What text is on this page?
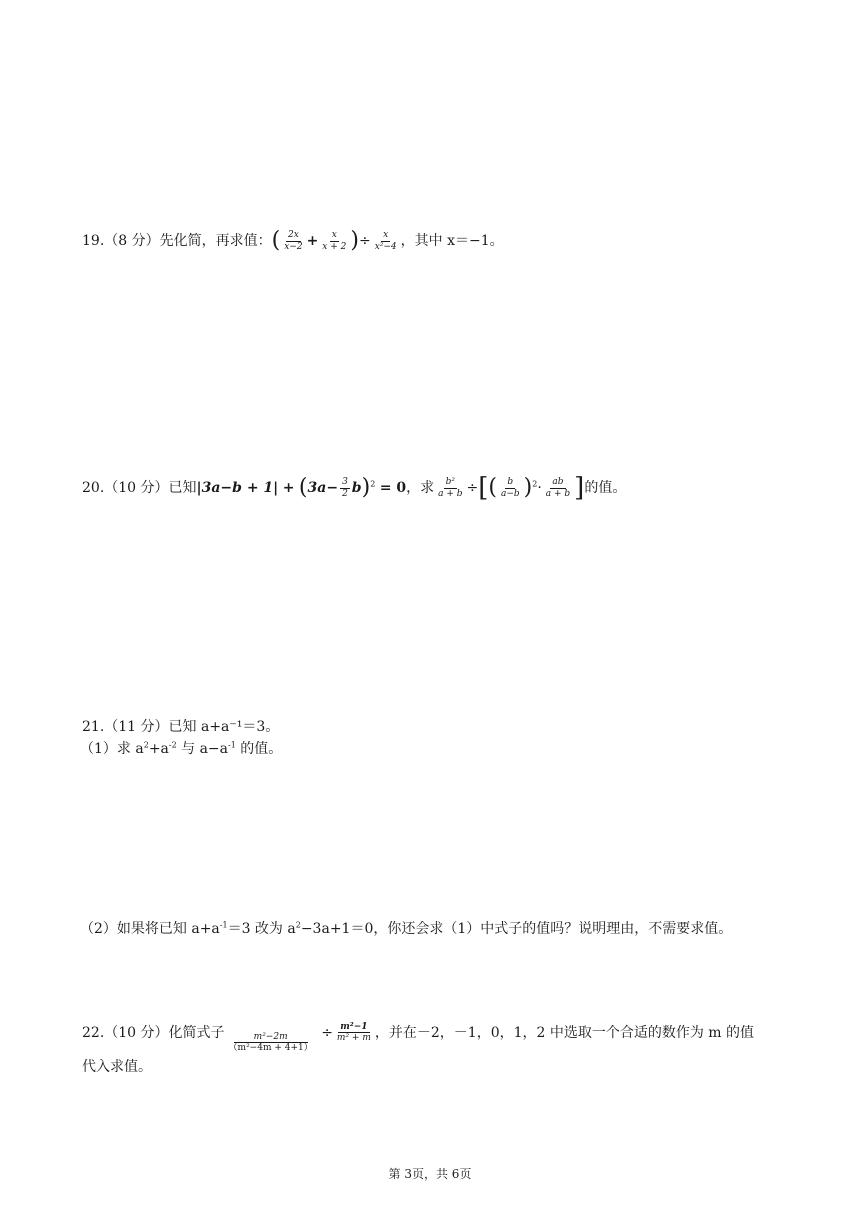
19.（8 分）先化简，再求值：( $\frac{2x}{x-2} + \frac{x}{x + 2}$ )÷ $\frac{x}{\text{x²−4}}$ ，其中 x＝−1。
20.（10 分）已知$|3a-b + 1| + (3a- \frac{3}{2} b)^2 = 0$，求 $\frac{\text{b²}}{a + b}$ ÷[( $\frac{b}{a-b} )^2\cdot \frac{ab}{a + b}$ ]的值。
21.（11 分）已知 a+a⁻¹＝3。
（1）求 $a^2+a^{-2}$ 与 $a-a^{-1}$ 的值。
（2）如果将已知 $a+a^{-1}=3$ 改为 $a^2-3a+1=0$，你还会求（1）中式子的值吗？说明理由，不需要求值。
22.（10 分）化简式子 $\frac{\text{m²−2m}}{\text{（m²−4m + 4+1）}} \div \frac{\text{m²−1}}{\text{m² + m}}$ ，并在－2，－1，0，1，2 中选取一个合适的数作为 m 的值
代入求值。
第 3页，共 6页
